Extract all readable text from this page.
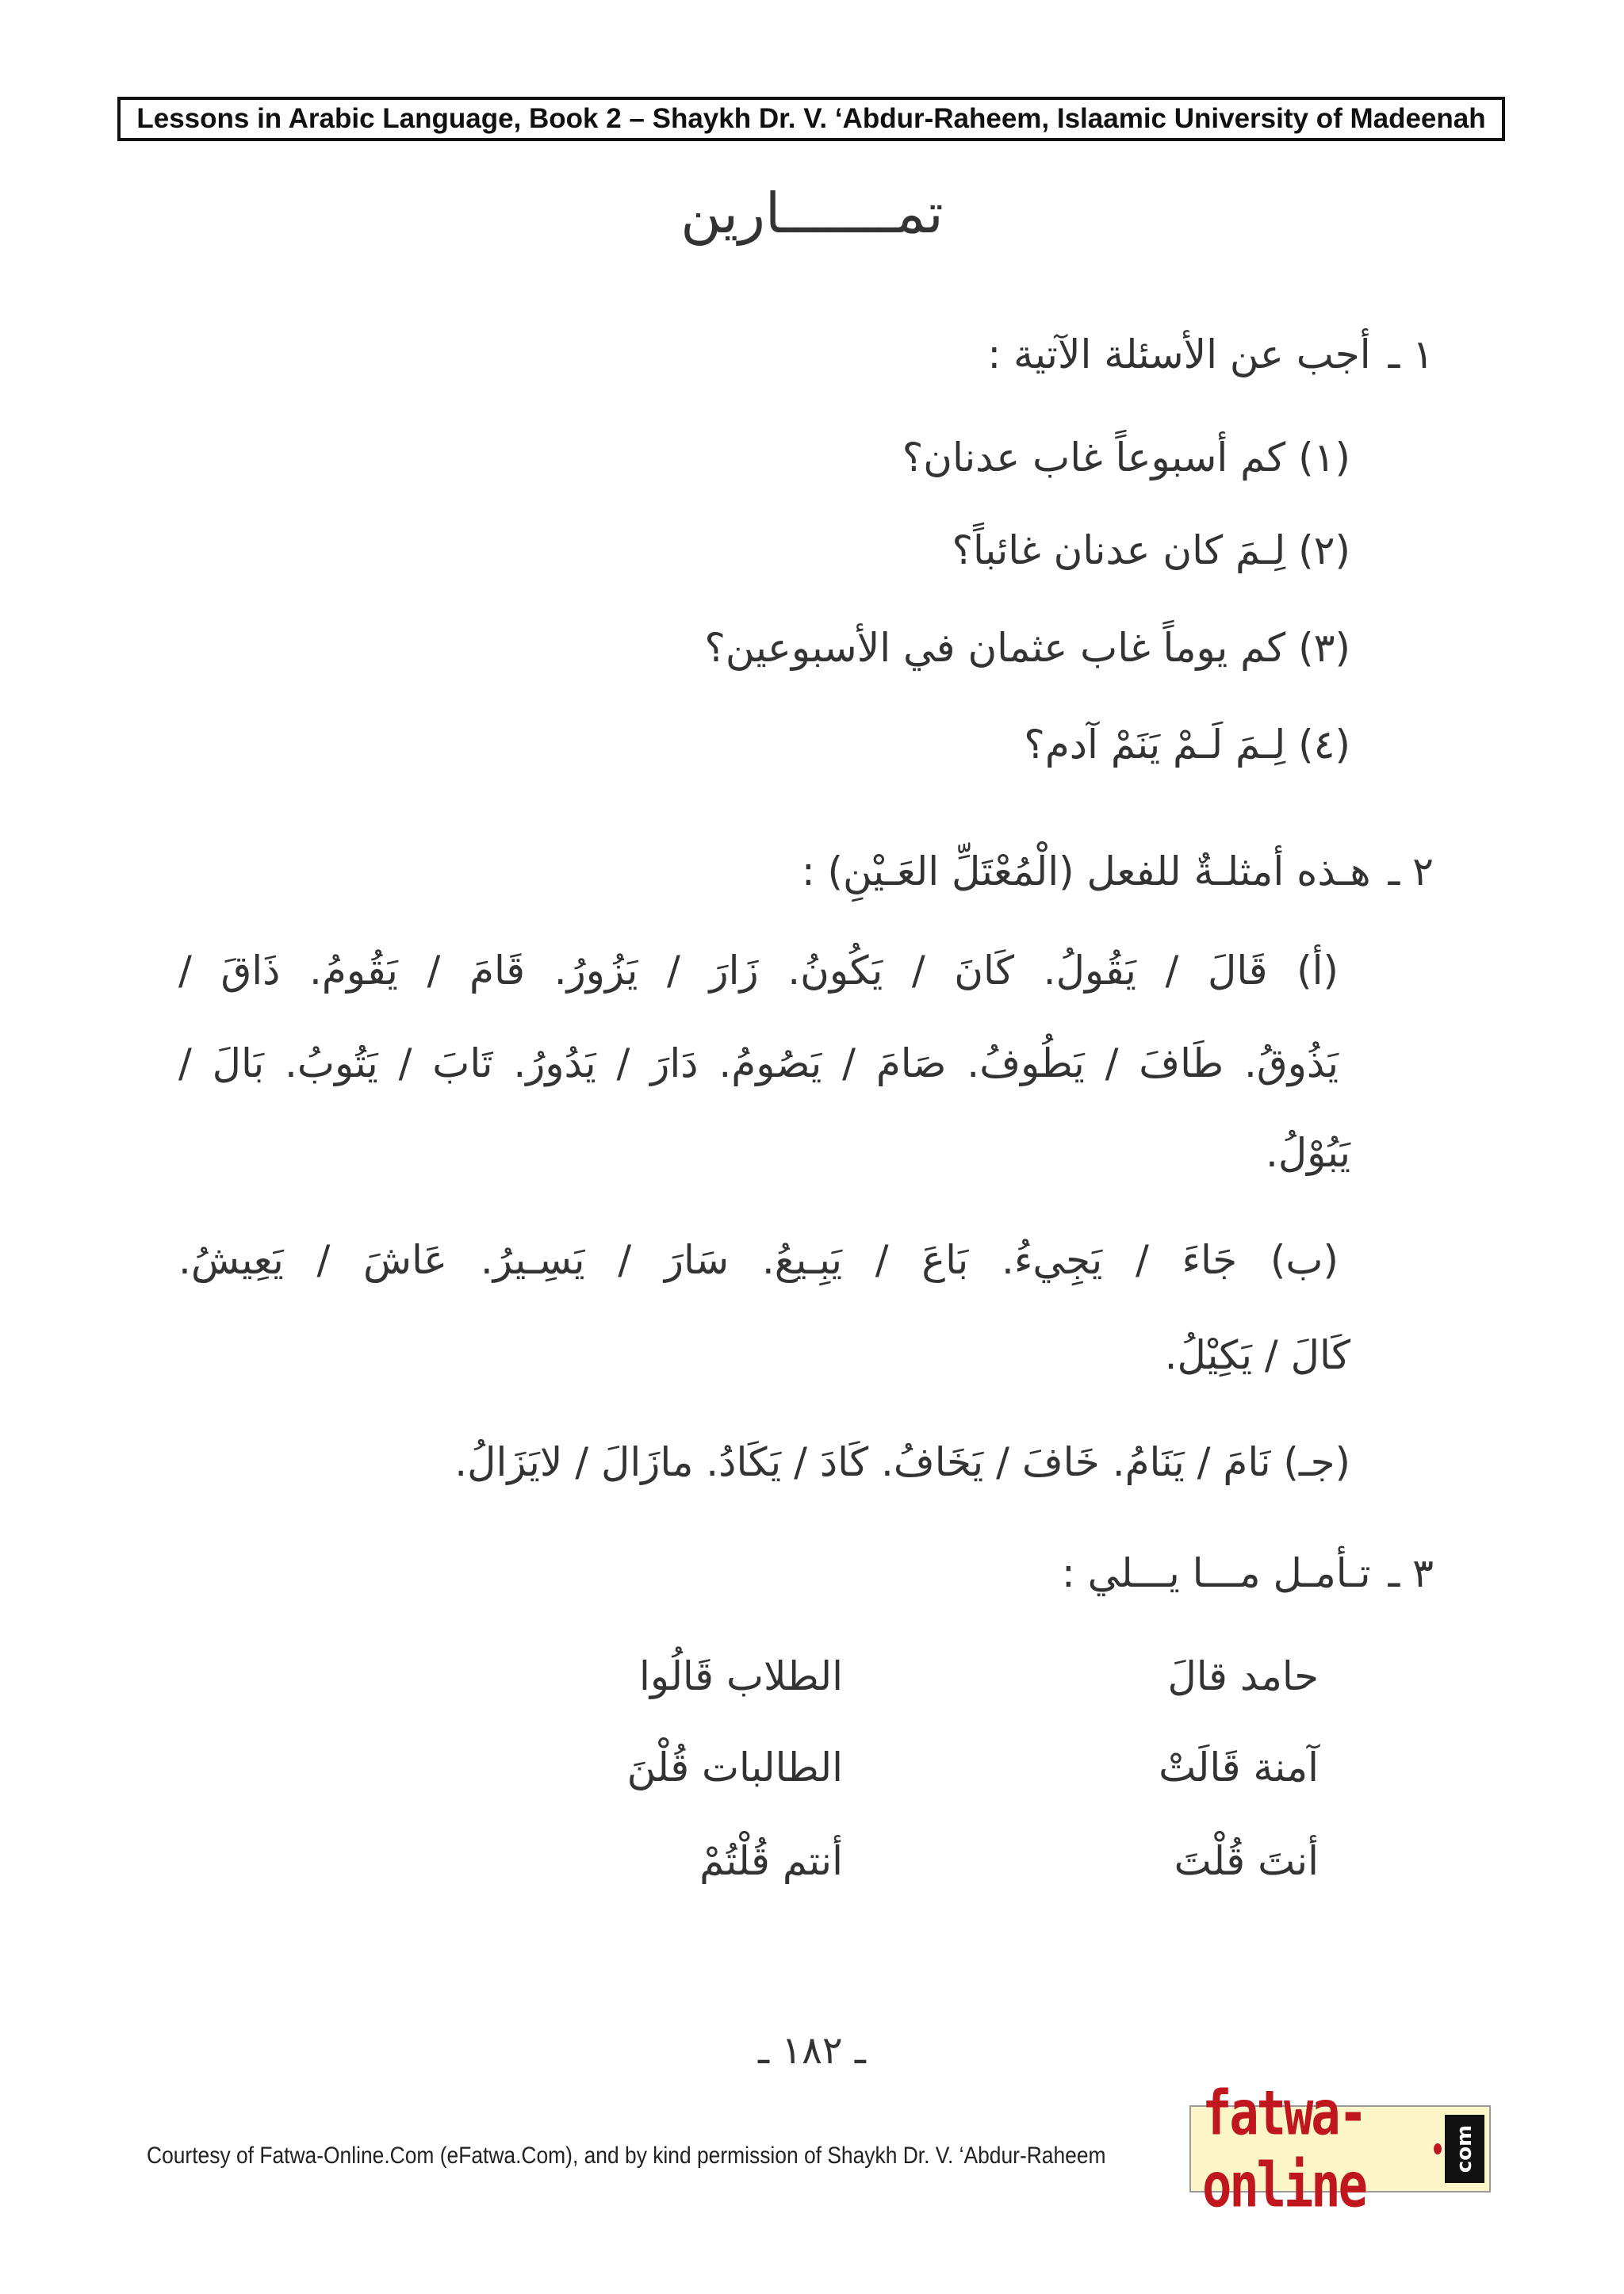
Lessons in Arabic Language, Book 2 – Shaykh Dr. V. ‘Abdur-Raheem, Islaamic University of Madeenah
تمـــــــارين
١ ـأجب عن الأسئلة الآتية :
(١) كم أسبوعاً غاب عدنان؟
(٢) لِـمَ كان عدنان غائباً؟
(٣) كم يوماً غاب عثمان في الأسبوعين؟
(٤) لِـمَ لَـمْ يَنَمْ آدم؟
٢ ـهـذه أمثلـةٌ للفعل (الْمُعْتَلِّ العَـيْنِ) :
(أ) قَالَ / يَقُولُ. كَانَ / يَكُونُ. زَارَ / يَزُورُ. قَامَ / يَقُومُ. ذَاقَ /
يَذُوقُ. طَافَ / يَطُوفُ. صَامَ / يَصُومُ. دَارَ / يَدُورُ. تَابَ / يَتُوبُ. بَالَ /
يَبُوْلُ.
(ب) جَاءَ / يَجِيءُ. بَاعَ / يَبِـيعُ. سَارَ / يَسِـيرُ. عَاشَ / يَعِيشُ.
كَالَ / يَكِيْلُ.
(جـ) نَامَ / يَنَامُ. خَافَ / يَخَافُ. كَادَ / يَكَادُ. مازَالَ / لايَزَالُ.
٣ ـتـأمـل مـــا يـــلي :
حامد قالَ
الطلاب قَالُوا
آمنة قَالَتْ
الطالبات قُلْنَ
أنتَ قُلْتَ
أنتم قُلْتُمْ
ـ ١٨٢ ـ
Courtesy of Fatwa-Online.Com (eFatwa.Com), and by kind permission of Shaykh Dr. V. ‘Abdur-Raheem
fatwa-online	com
